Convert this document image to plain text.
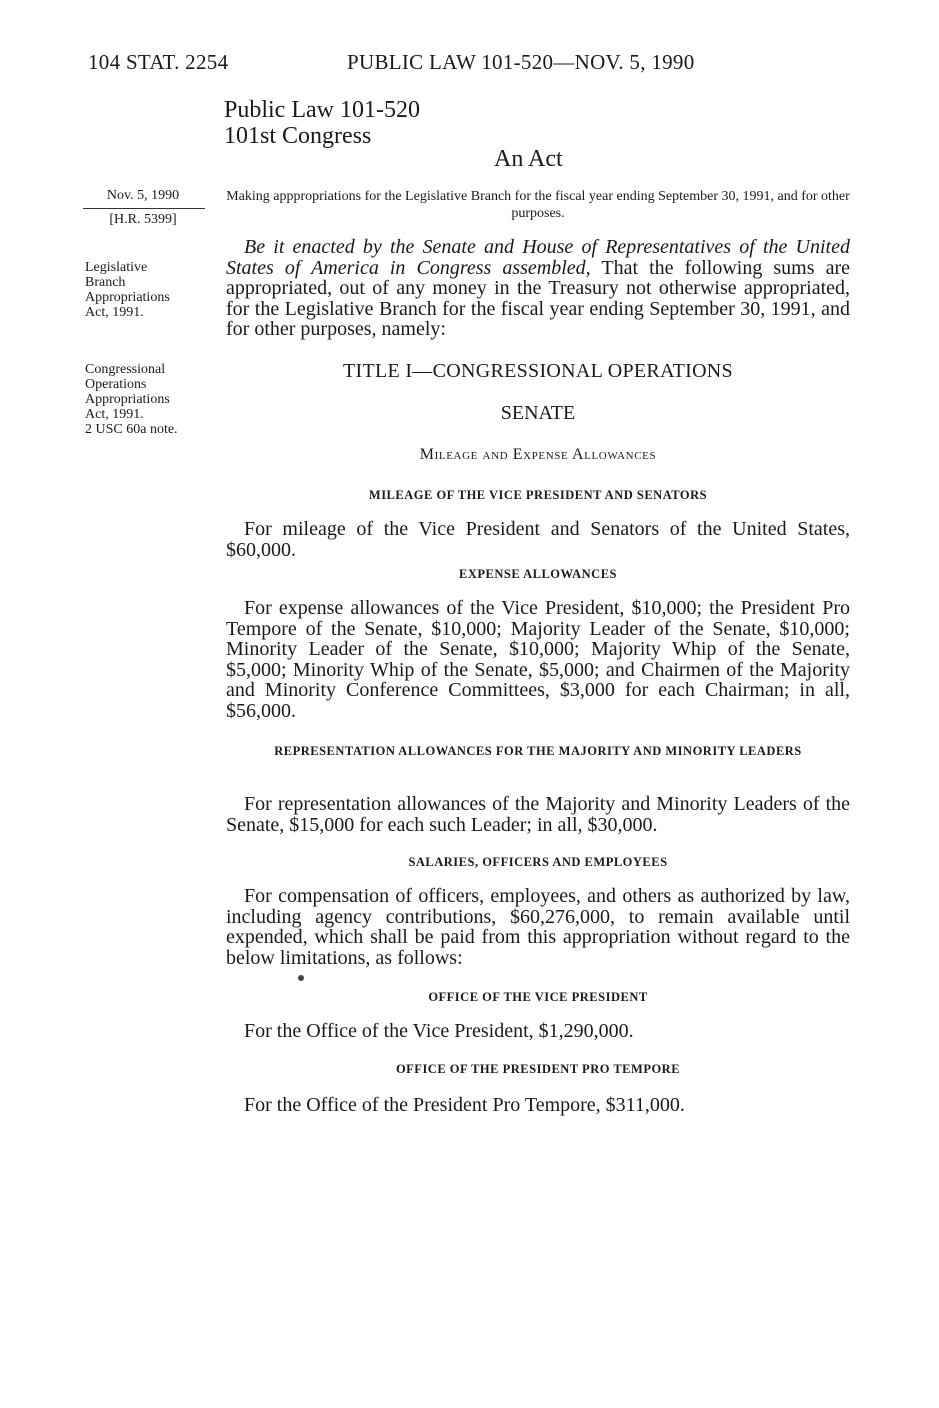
104 STAT. 2254	PUBLIC LAW 101-520—NOV. 5, 1990
Public Law 101-520
101st Congress
An Act
Nov. 5, 1990
[H.R. 5399]
Legislative
Branch
Appropriations
Act, 1991.
Congressional
Operations
Appropriations
Act, 1991.
2 USC 60a note.
Making apppropriations for the Legislative Branch for the fiscal year ending September 30, 1991, and for other purposes.
Be it enacted by the Senate and House of Representatives of the United States of America in Congress assembled, That the following sums are appropriated, out of any money in the Treasury not otherwise appropriated, for the Legislative Branch for the fiscal year ending September 30, 1991, and for other purposes, namely:
TITLE I—CONGRESSIONAL OPERATIONS
SENATE
Mileage and Expense Allowances
MILEAGE OF THE VICE PRESIDENT AND SENATORS
For mileage of the Vice President and Senators of the United States, $60,000.
EXPENSE ALLOWANCES
For expense allowances of the Vice President, $10,000; the President Pro Tempore of the Senate, $10,000; Majority Leader of the Senate, $10,000; Minority Leader of the Senate, $10,000; Majority Whip of the Senate, $5,000; Minority Whip of the Senate, $5,000; and Chairmen of the Majority and Minority Conference Committees, $3,000 for each Chairman; in all, $56,000.
REPRESENTATION ALLOWANCES FOR THE MAJORITY AND MINORITY LEADERS
For representation allowances of the Majority and Minority Leaders of the Senate, $15,000 for each such Leader; in all, $30,000.
SALARIES, OFFICERS AND EMPLOYEES
For compensation of officers, employees, and others as authorized by law, including agency contributions, $60,276,000, to remain available until expended, which shall be paid from this appropriation without regard to the below limitations, as follows:
OFFICE OF THE VICE PRESIDENT
For the Office of the Vice President, $1,290,000.
OFFICE OF THE PRESIDENT PRO TEMPORE
For the Office of the President Pro Tempore, $311,000.
